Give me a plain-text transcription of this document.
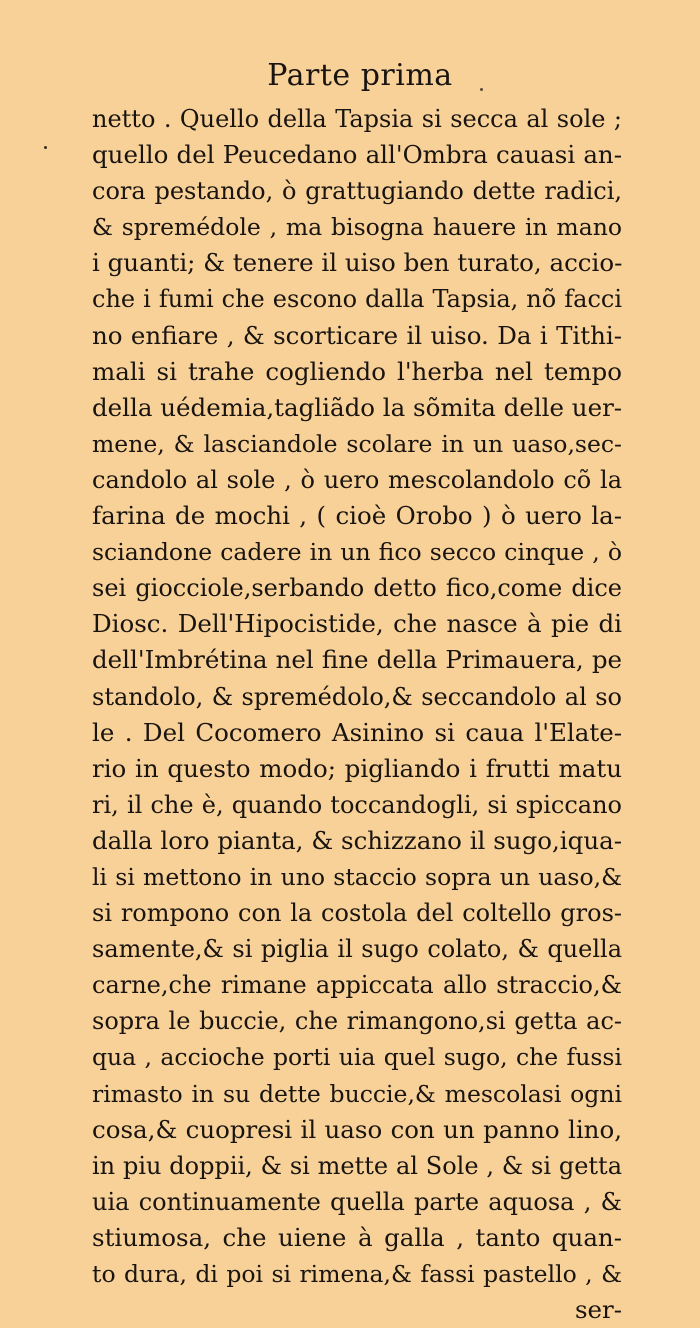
Parte prima
netto . Quello della Tapsia si secca al sole ;
quello del Peucedano all'Ombra cauasi an-
cora pestando, ò grattugiando dette radici,
& spremédole , ma bisogna hauere in mano
i guanti; & tenere il uiso ben turato, accio-
che i fumi che escono dalla Tapsia, nõ facci
no enfiare , & scorticare il uiso. Da i Tithi-
mali si trahe cogliendo l'herba nel tempo
della uédemia,tagliãdo la sõmita delle uer-
mene, & lasciandole scolare in un uaso,sec-
candolo al sole , ò uero mescolandolo cõ la
farina de mochi , ( cioè Orobo ) ò uero la-
sciandone cadere in un fico secco cinque , ò
sei giocciole,serbando detto fico,come dice
Diosc. Dell'Hipocistide, che nasce à pie di
dell'Imbrétina nel fine della Primauera, pe
standolo, & spremédolo,& seccandolo al so
le . Del Cocomero Asinino si caua l'Elate-
rio in questo modo; pigliando i frutti matu
ri, il che è, quando toccandogli, si spiccano
dalla loro pianta, & schizzano il sugo,iqua-
li si mettono in uno staccio sopra un uaso,&
si rompono con la costola del coltello gros-
samente,& si piglia il sugo colato, & quella
carne,che rimane appiccata allo straccio,&
sopra le buccie, che rimangono,si getta ac-
qua , accioche porti uia quel sugo, che fussi
rimasto in su dette buccie,& mescolasi ogni
cosa,& cuopresi il uaso con un panno lino,
in piu doppii, & si mette al Sole , & si getta
uia continuamente quella parte aquosa , &
stiumosa, che uiene à galla , tanto quan-
to dura, di poi si rimena,& fassi pastello , &
ser-
